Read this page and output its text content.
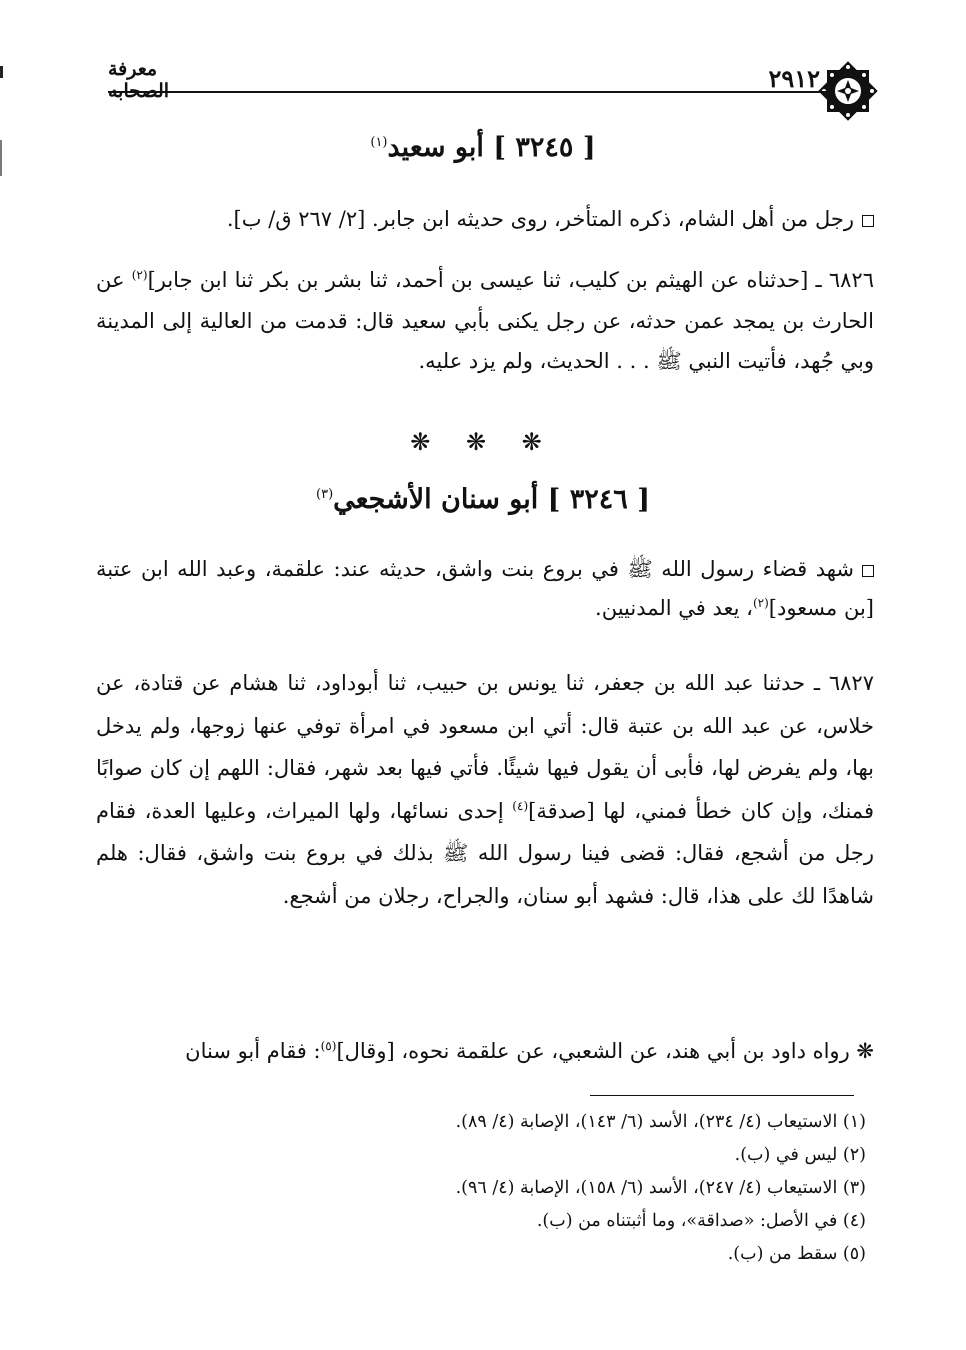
معرفة الصحابه	٢٩١٢
[ ٣٢٤٥ ] أبو سعيد$^{(١)}$
رجل من أهل الشام، ذكره المتأخر، روى حديثه ابن جابر. [٢/ ٢٦٧ ق/ ب].
٦٨٢٦ ـ [حدثناه عن الهيثم بن كليب، ثنا عيسى بن أحمد، ثنا بشر بن بكر ثنا ابن جابر]$^{(٢)}$ عن الحارث بن يمجد عمن حدثه، عن رجل يكنى بأبي سعيد قال: قدمت من العالية إلى المدينة وبي جُهد، فأتيت النبي ﷺ . . . الحديث، ولم يزد عليه.
❋ ❋ ❋
[ ٣٢٤٦ ] أبو سنان الأشجعي$^{(٣)}$
شهد قضاء رسول الله ﷺ في بروع بنت واشق، حديثه عند: علقمة، وعبد الله ابن عتبة [بن مسعود]$^{(٢)}$، يعد في المدنيين.
٦٨٢٧ ـ حدثنا عبد الله بن جعفر، ثنا يونس بن حبيب، ثنا أبوداود، ثنا هشام عن قتادة، عن خلاس، عن عبد الله بن عتبة قال: أتي ابن مسعود في امرأة توفي عنها زوجها، ولم يدخل بها، ولم يفرض لها، فأبى أن يقول فيها شيئًا. فأتي فيها بعد شهر، فقال: اللهم إن كان صوابًا فمنك، وإن كان خطأ فمني، لها [صدقة]$^{(٤)}$ إحدى نسائها، ولها الميراث، وعليها العدة، فقام رجل من أشجع، فقال: قضى فينا رسول الله ﷺ بذلك في بروع بنت واشق، فقال: هلم شاهدًا لك على هذا، قال: فشهد أبو سنان، والجراح، رجلان من أشجع.
❋ رواه داود بن أبي هند، عن الشعبي، عن علقمة نحوه، [وقال]$^{(٥)}$: فقام أبو سنان
(١) الاستيعاب (٤/ ٢٣٤)، الأسد (٦/ ١٤٣)، الإصابة (٤/ ٨٩).
(٢) ليس في (ب).
(٣) الاستيعاب (٤/ ٢٤٧)، الأسد (٦/ ١٥٨)، الإصابة (٤/ ٩٦).
(٤) في الأصل: «صداقة»، وما أثبتناه من (ب).
(٥) سقط من (ب).
